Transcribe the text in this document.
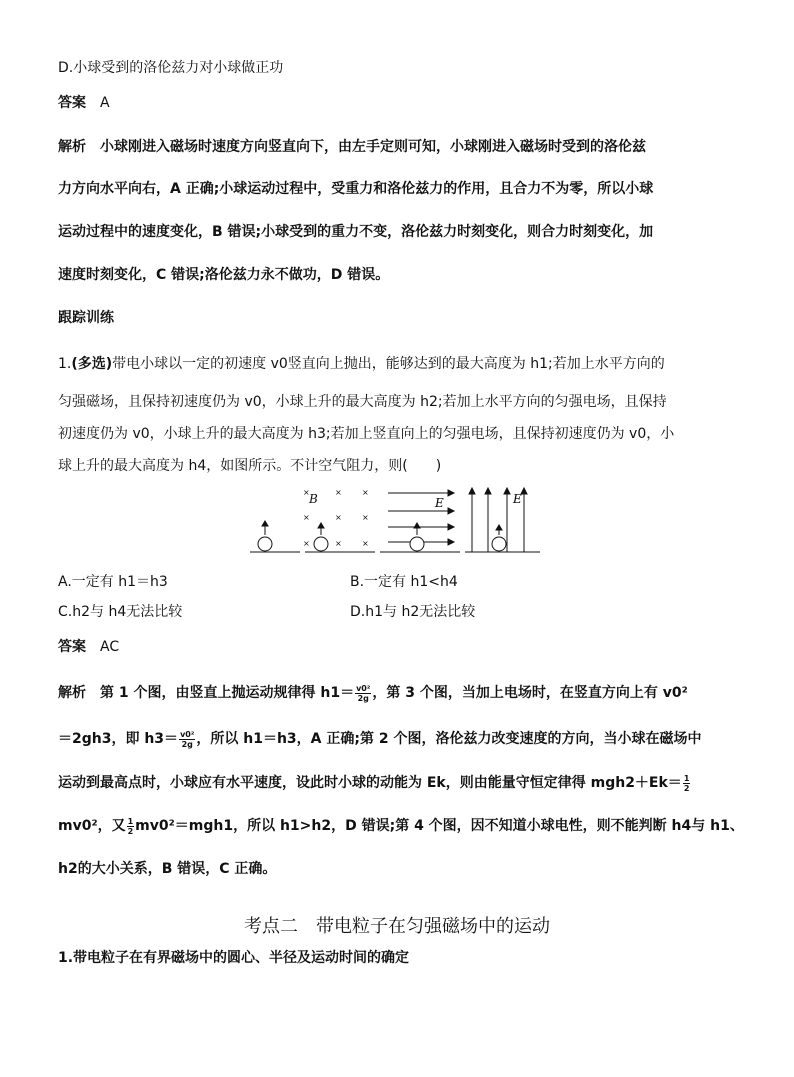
D.小球受到的洛伦兹力对小球做正功
答案 A
解析 小球刚进入磁场时速度方向竖直向下，由左手定则可知，小球刚进入磁场时受到的洛伦兹
力方向水平向右，A 正确;小球运动过程中，受重力和洛伦兹力的作用，且合力不为零，所以小球
运动过程中的速度变化，B 错误;小球受到的重力不变，洛伦兹力时刻变化，则合力时刻变化，加
速度时刻变化，C 错误;洛伦兹力永不做功，D 错误。
跟踪训练
1.(多选)带电小球以一定的初速度 v0竖直向上抛出，能够达到的最大高度为 h1;若加上水平方向的
匀强磁场，且保持初速度仍为 v0，小球上升的最大高度为 h2;若加上水平方向的匀强电场，且保持
初速度仍为 v0，小球上升的最大高度为 h3;若加上竖直向上的匀强电场，且保持初速度仍为 v0，小
球上升的最大高度为 h4，如图所示。不计空气阻力，则(　　)
×	×	×
×	×	×
×	×	×
B	E	E
A.一定有 h1＝h3	B.一定有 h1<h4
C.h2与 h4无法比较	D.h1与 h2无法比较
答案 AC
解析 第 1 个图，由竖直上抛运动规律得 $h1= \frac{\text{v0²}}{2g}$ ，第 3 个图，当加上电场时，在竖直方向上有 v0²
＝2gh3，即 $h3= \frac{\text{v0²}}{2g}$ ，所以 h1＝h3，A 正确;第 2 个图，洛伦兹力改变速度的方向，当小球在磁场中
运动到最高点时，小球应有水平速度，设此时小球的动能为 Ek，则由能量守恒定律得 $mgh2+Ek= \frac{1}{2}$
mv0²，又 $\frac{1}{2} mv0^2=mgh1$，所以 h1>h2，D 错误;第 4 个图，因不知道小球电性，则不能判断 h4与 h1、
h2的大小关系，B 错误，C 正确。
考点二　带电粒子在匀强磁场中的运动
1.带电粒子在有界磁场中的圆心、半径及运动时间的确定
